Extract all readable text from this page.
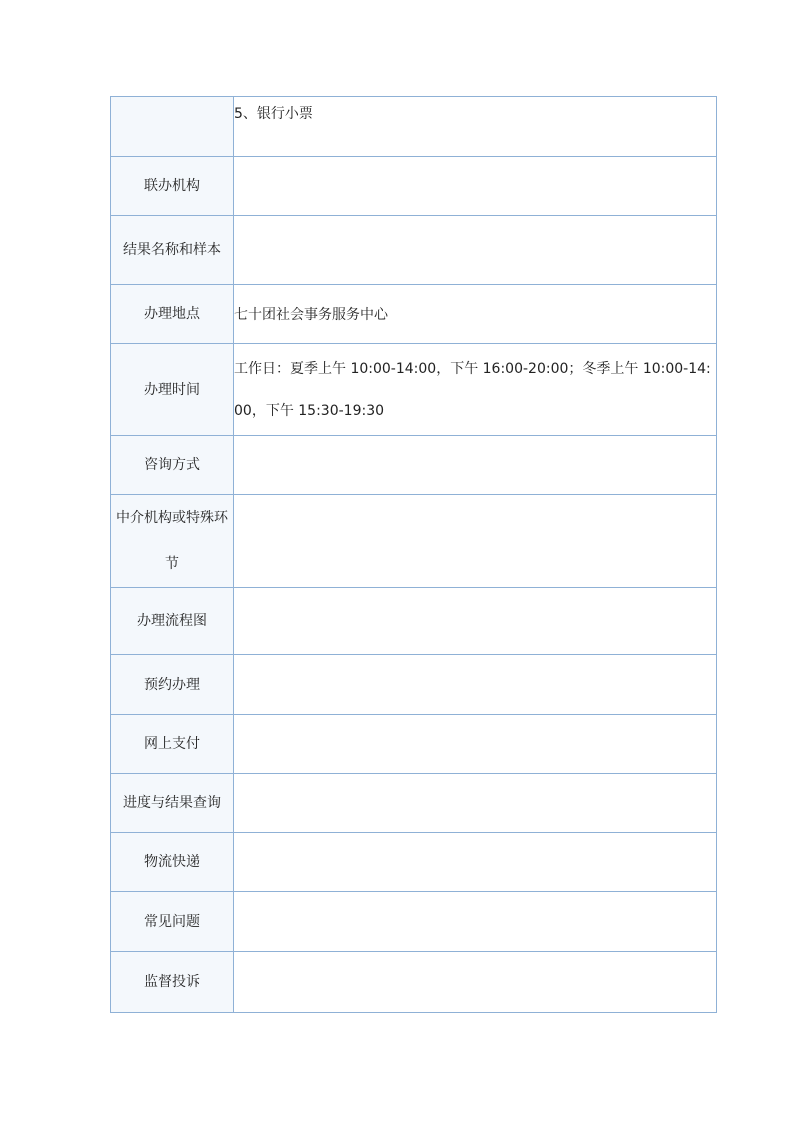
	5、银行小票
联办机构	
结果名称和样本	
办理地点	七十团社会事务服务中心
办理时间	工作日：夏季上午 10:00-14:00，下午 16:00-20:00；冬季上午 10:00-14:00，下午 15:30-19:30
咨询方式	
中介机构或特殊环节	
办理流程图	
预约办理	
网上支付	
进度与结果查询	
物流快递	
常见问题	
监督投诉	
